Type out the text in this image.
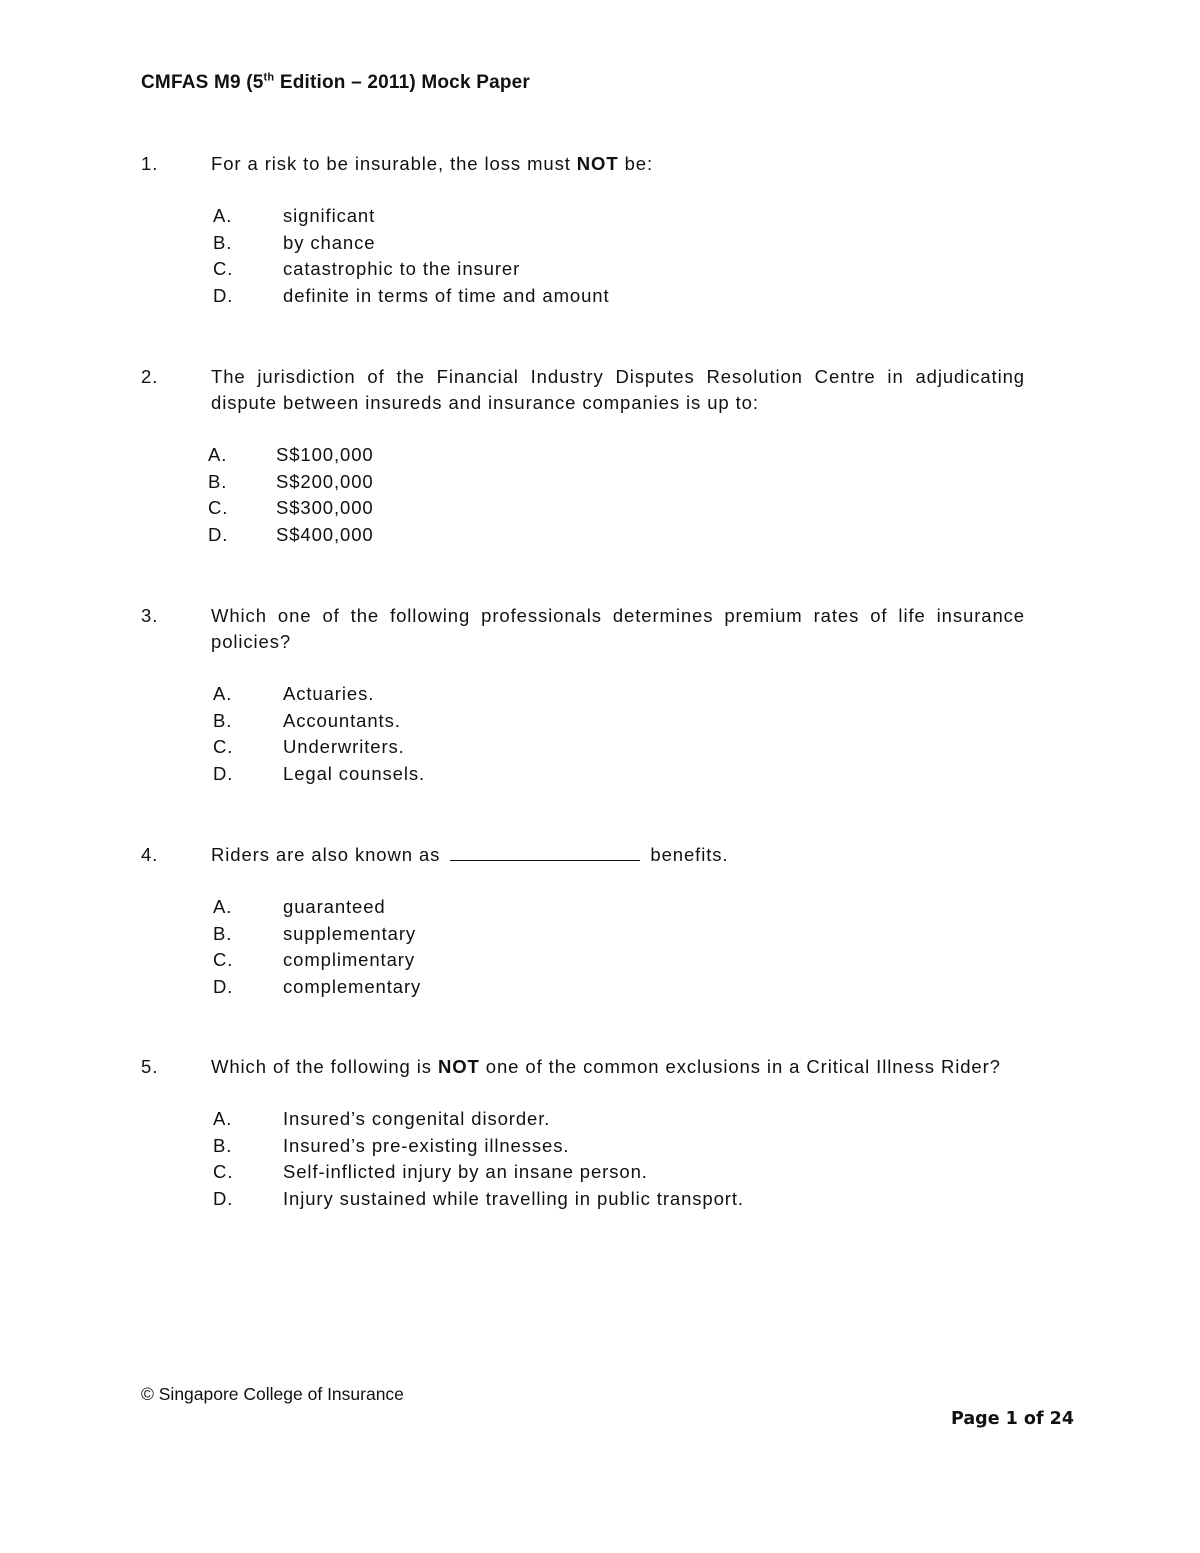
CMFAS M9 (5th Edition – 2011) Mock Paper
1.	For a risk to be insurable, the loss must NOT be:
A.	significant
B.	by chance
C.	catastrophic to the insurer
D.	definite in terms of time and amount
2.	The jurisdiction of the Financial Industry Disputes Resolution Centre in adjudicating dispute between insureds and insurance companies is up to:
A.	S$100,000
B.	S$200,000
C.	S$300,000
D.	S$400,000
3.	Which one of the following professionals determines premium rates of life insurance policies?
A.	Actuaries.
B.	Accountants.
C.	Underwriters.
D.	Legal counsels.
4.	Riders are also known as	benefits.
A.	guaranteed
B.	supplementary
C.	complimentary
D.	complementary
5.	Which of the following is NOT one of the common exclusions in a Critical Illness Rider?
A.	Insured’s congenital disorder.
B.	Insured’s pre-existing illnesses.
C.	Self-inflicted injury by an insane person.
D.	Injury sustained while travelling in public transport.
© Singapore College of Insurance
Page 1 of 24
